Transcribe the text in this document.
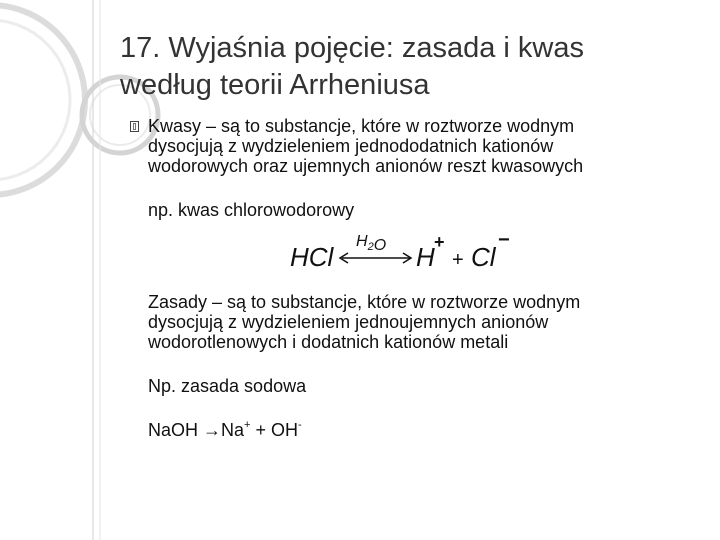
17. Wyjaśnia pojęcie: zasada i kwas
według teorii Arrheniusa
Kwasy – są to substancje, które w roztworze wodnym
dysocjują z wydzieleniem jednododatnich kationów
wodorowych oraz ujemnych anionów reszt kwasowych
np. kwas chlorowodorowy
HCl
$H_2O$ H +
+ Cl
−
Zasady – są to substancje, które w roztworze wodnym
dysocjują z wydzieleniem jednoujemnych anionów
wodorotlenowych i dodatnich kationów metali
Np. zasada sodowa
NaOH →Na+ + OH-
